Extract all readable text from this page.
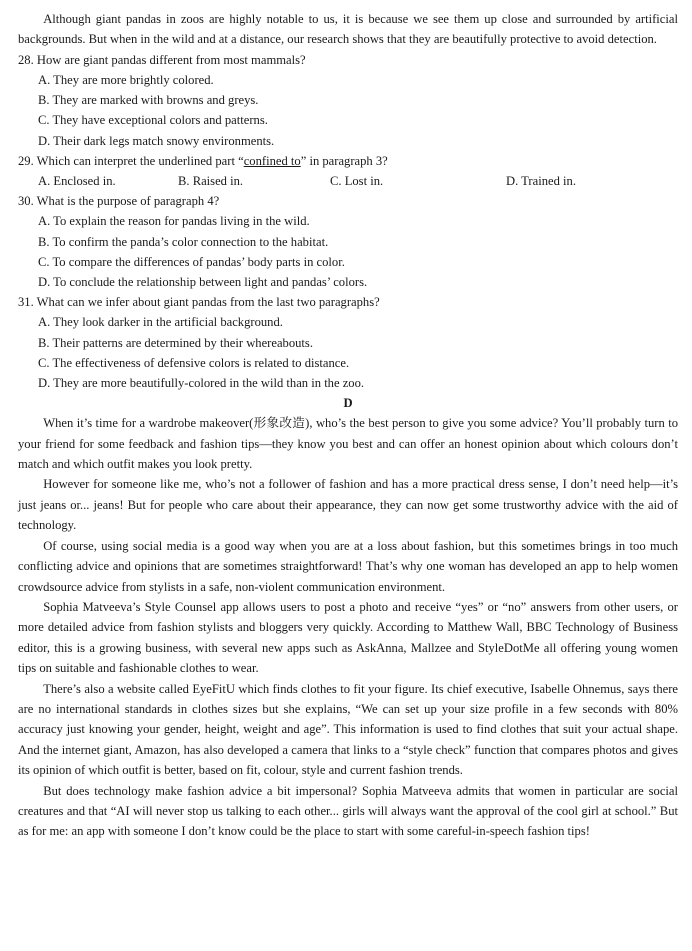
Although giant pandas in zoos are highly notable to us, it is because we see them up close and surrounded by artificial backgrounds. But when in the wild and at a distance, our research shows that they are beautifully protective to avoid detection.

28. How are giant pandas different from most mammals?

A. They are more brightly colored.

B. They are marked with browns and greys.

C. They have exceptional colors and patterns.

D. Their dark legs match snowy environments.

29. Which can interpret the underlined part “confined to” in paragraph 3?

A. Enclosed in.	B. Raised in.	C. Lost in.	D. Trained in.

30. What is the purpose of paragraph 4?

A. To explain the reason for pandas living in the wild.

B. To confirm the panda’s color connection to the habitat.

C. To compare the differences of pandas’ body parts in color.

D. To conclude the relationship between light and pandas’ colors.

31. What can we infer about giant pandas from the last two paragraphs?

A. They look darker in the artificial background.

B. Their patterns are determined by their whereabouts.

C. The effectiveness of defensive colors is related to distance.

D. They are more beautifully-colored in the wild than in the zoo.

D

When it’s time for a wardrobe makeover(形象改造), who’s the best person to give you some advice? You’ll probably turn to your friend for some feedback and fashion tips—they know you best and can offer an honest opinion about which colours don’t match and which outfit makes you look pretty.

However for someone like me, who’s not a follower of fashion and has a more practical dress sense, I don’t need help—it’s just jeans or... jeans! But for people who care about their appearance, they can now get some trustworthy advice with the aid of technology.

Of course, using social media is a good way when you are at a loss about fashion, but this sometimes brings in too much conflicting advice and opinions that are sometimes straightforward! That’s why one woman has developed an app to help women crowdsource advice from stylists in a safe, non-violent communication environment.

Sophia Matveeva’s Style Counsel app allows users to post a photo and receive “yes” or “no” answers from other users, or more detailed advice from fashion stylists and bloggers very quickly. According to Matthew Wall, BBC Technology of Business editor, this is a growing business, with several new apps such as AskAnna, Mallzee and StyleDotMe all offering young women tips on suitable and fashionable clothes to wear.

There’s also a website called EyeFitU which finds clothes to fit your figure. Its chief executive, Isabelle Ohnemus, says there are no international standards in clothes sizes but she explains, “We can set up your size profile in a few seconds with 80% accuracy just knowing your gender, height, weight and age”. This information is used to find clothes that suit your actual shape. And the internet giant, Amazon, has also developed a camera that links to a “style check” function that compares photos and gives its opinion of which outfit is better, based on fit, colour, style and current fashion trends.

But does technology make fashion advice a bit impersonal? Sophia Matveeva admits that women in particular are social creatures and that “AI will never stop us talking to each other... girls will always want the approval of the cool girl at school.” But as for me: an app with someone I don’t know could be the place to start with some careful-in-speech fashion tips!
